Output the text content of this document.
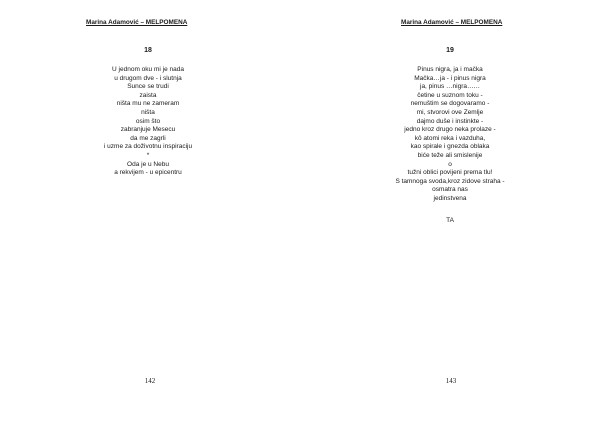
Marina Adamović – MELPOMENA
18
U jednom oku mi je nada
u drugom dve - i slutnja
Sunce se trudi
zaista
ništa mu ne zameram
ništa
osim što
zabranjuje Mesecu
da me zagrli
i uzme za doživotnu inspiraciju
*
Oda je u Nebu
a rekvijem - u epicentru
142
Marina Adamović – MELPOMENA
19
Pinus nigra, ja i mačka
Mačka…ja - i pinus nigra
ja, pinus …nigra……
četine u suznom toku -
nemuštim se dogovaramo -
mi, stvorovi ove Zemlje
dajmo duše i instinkte -
jedno kroz drugo neka prolaze -
kô atomi reka i vazduha,
kao spirale i gnezda oblaka
biće teže ali smislenije
o
tužni oblici povijeni prema tlu!
S tamnoga svoda,kroz zidove straha -
osmatra nas
jedinstvena
TA
143
